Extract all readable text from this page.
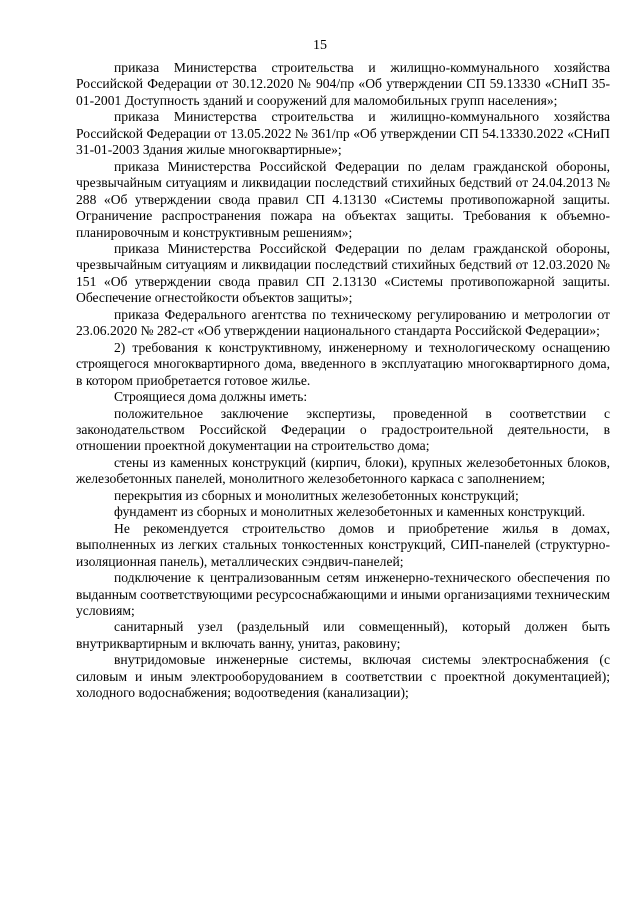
15

приказа Министерства строительства и жилищно-коммунального хозяйства Российской Федерации от 30.12.2020 № 904/пр «Об утверждении СП 59.13330 «СНиП 35-01-2001 Доступность зданий и сооружений для маломобильных групп населения»;

приказа Министерства строительства и жилищно-коммунального хозяйства Российской Федерации от 13.05.2022 № 361/пр «Об утверждении СП 54.13330.2022 «СНиП 31-01-2003 Здания жилые многоквартирные»;

приказа Министерства Российской Федерации по делам гражданской обороны, чрезвычайным ситуациям и ликвидации последствий стихийных бедствий от 24.04.2013 № 288 «Об утверждении свода правил СП 4.13130 «Системы противопожарной защиты. Ограничение распространения пожара на объектах защиты. Требования к объемно-планировочным и конструктивным решениям»;

приказа Министерства Российской Федерации по делам гражданской обороны, чрезвычайным ситуациям и ликвидации последствий стихийных бедствий от 12.03.2020 № 151 «Об утверждении свода правил СП 2.13130 «Системы противопожарной защиты. Обеспечение огнестойкости объектов защиты»;

приказа Федерального агентства по техническому регулированию и метрологии от 23.06.2020 № 282-ст «Об утверждении национального стандарта Российской Федерации»;

2) требования к конструктивному, инженерному и технологическому оснащению строящегося многоквартирного дома, введенного в эксплуатацию многоквартирного дома, в котором приобретается готовое жилье.

Строящиеся дома должны иметь:

положительное заключение экспертизы, проведенной в соответствии с законодательством Российской Федерации о градостроительной деятельности, в отношении проектной документации на строительство дома;

стены из каменных конструкций (кирпич, блоки), крупных железобетонных блоков, железобетонных панелей, монолитного железобетонного каркаса с заполнением;

перекрытия из сборных и монолитных железобетонных конструкций;

фундамент из сборных и монолитных железобетонных и каменных конструкций.

Не рекомендуется строительство домов и приобретение жилья в домах, выполненных из легких стальных тонкостенных конструкций, СИП-панелей (структурно-изоляционная панель), металлических сэндвич-панелей;

подключение к централизованным сетям инженерно-технического обеспечения по выданным соответствующими ресурсоснабжающими и иными организациями техническим условиям;

санитарный узел (раздельный или совмещенный), который должен быть внутриквартирным и включать ванну, унитаз, раковину;

внутридомовые инженерные системы, включая системы электроснабжения (с силовым и иным электрооборудованием в соответствии с проектной документацией); холодного водоснабжения; водоотведения (канализации);
